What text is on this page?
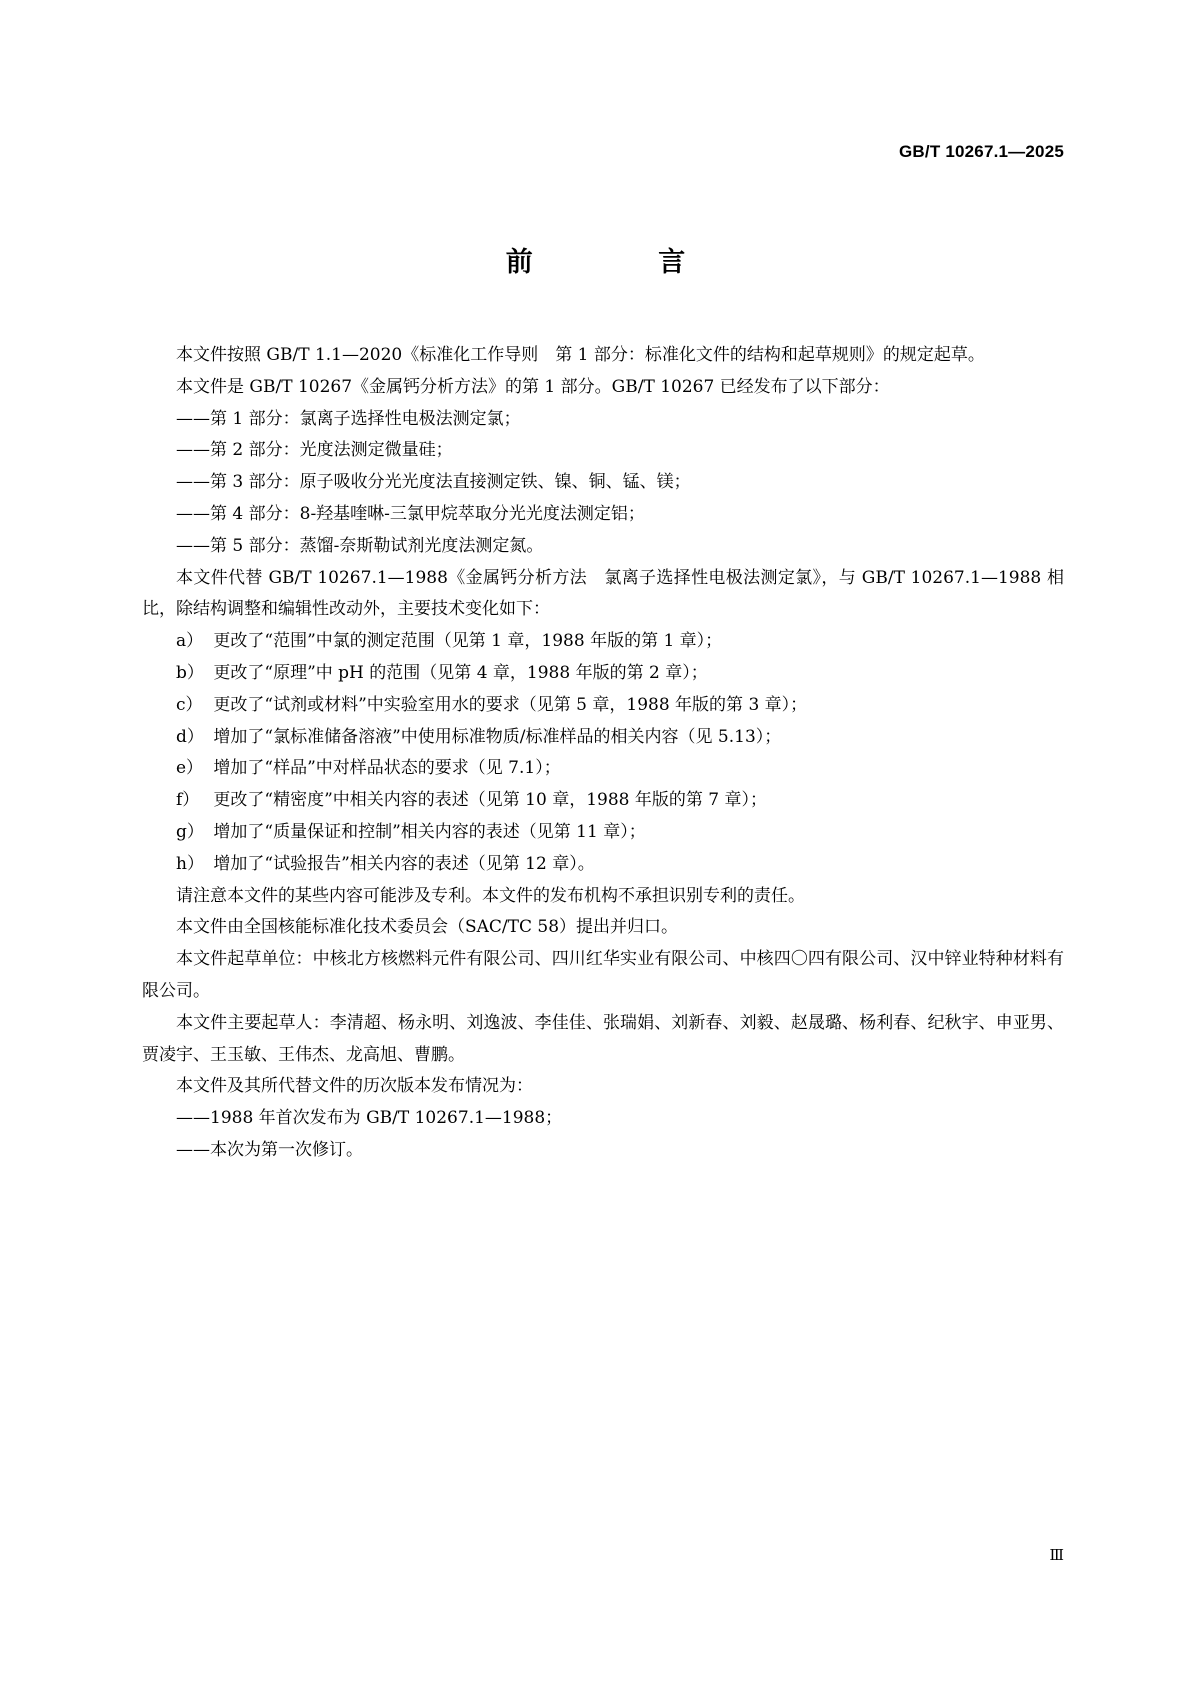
GB/T 10267.1—2025
前 言

本文件按照 GB/T 1.1—2020《标准化工作导则　第 1 部分：标准化文件的结构和起草规则》的规定起草。

本文件是 GB/T 10267《金属钙分析方法》的第 1 部分。GB/T 10267 已经发布了以下部分：

——第 1 部分：氯离子选择性电极法测定氯；

——第 2 部分：光度法测定微量硅；

——第 3 部分：原子吸收分光光度法直接测定铁、镍、铜、锰、镁；

——第 4 部分：8-羟基喹啉-三氯甲烷萃取分光光度法测定铝；

——第 5 部分：蒸馏-奈斯勒试剂光度法测定氮。

本文件代替 GB/T 10267.1—1988《金属钙分析方法　氯离子选择性电极法测定氯》，与 GB/T 10267.1—1988 相比，除结构调整和编辑性改动外，主要技术变化如下：

a） 更改了“范围”中氯的测定范围（见第 1 章，1988 年版的第 1 章）；
b） 更改了“原理”中 pH 的范围（见第 4 章，1988 年版的第 2 章）；
c） 更改了“试剂或材料”中实验室用水的要求（见第 5 章，1988 年版的第 3 章）；
d） 增加了“氯标准储备溶液”中使用标准物质/标准样品的相关内容（见 5.13）；
e） 增加了“样品”中对样品状态的要求（见 7.1）；
f） 更改了“精密度”中相关内容的表述（见第 10 章，1988 年版的第 7 章）；
g） 增加了“质量保证和控制”相关内容的表述（见第 11 章）；
h） 增加了“试验报告”相关内容的表述（见第 12 章）。

请注意本文件的某些内容可能涉及专利。本文件的发布机构不承担识别专利的责任。

本文件由全国核能标准化技术委员会（SAC/TC 58）提出并归口。

本文件起草单位：中核北方核燃料元件有限公司、四川红华实业有限公司、中核四〇四有限公司、汉中锌业特种材料有限公司。

本文件主要起草人：李清超、杨永明、刘逸波、李佳佳、张瑞娟、刘新春、刘毅、赵晟璐、杨利春、纪秋宇、申亚男、贾凌宇、王玉敏、王伟杰、龙高旭、曹鹏。

本文件及其所代替文件的历次版本发布情况为：

——1988 年首次发布为 GB/T 10267.1—1988；

——本次为第一次修订。

Ⅲ
